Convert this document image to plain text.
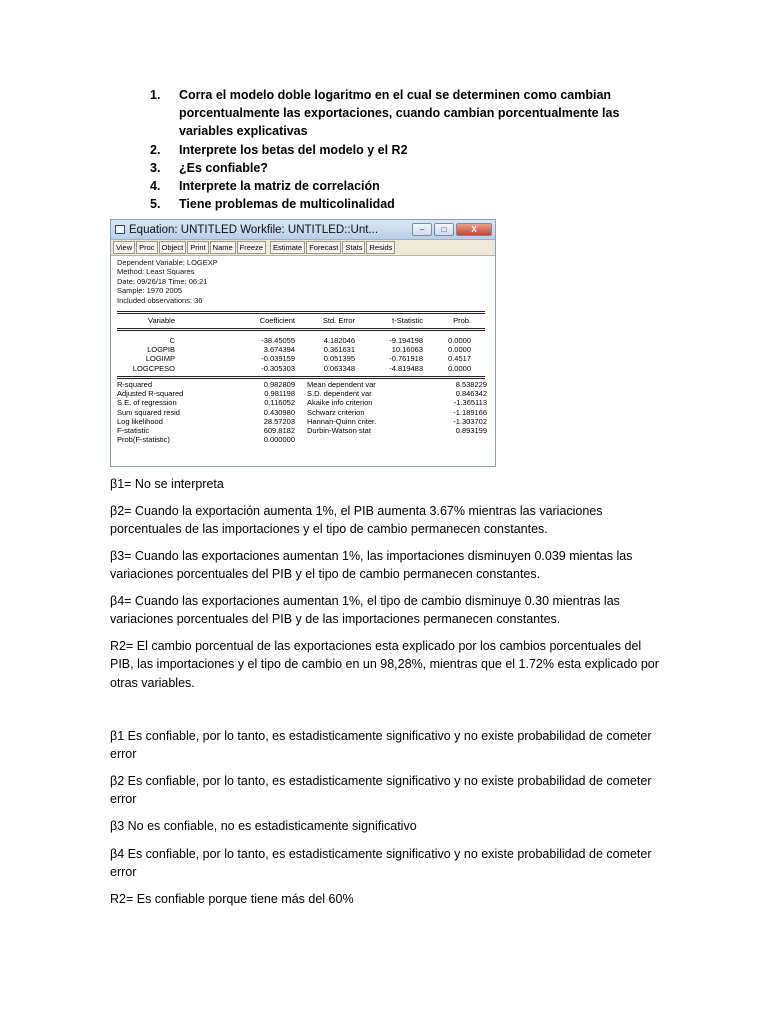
1.	Corra el modelo doble logaritmo en el cual se determinen como cambian porcentualmente las exportaciones, cuando cambian porcentualmente las variables explicativas
2.	Interprete los betas del modelo y el R2
3.	¿Es confiable?
4.	Interprete la matriz de correlación
5.	Tiene problemas de multicolinalidad
Equation: UNTITLED Workfile: UNTITLED::Unt...	–	□	X
View Proc Object Print Name Freeze	Estimate Forecast Stats Resids
Dependent Variable: LOGEXP
Method: Least Squares
Date: 09/26/18 Time: 06:21
Sample: 1970 2005
Included observations: 36
Variable	Coefficient	Std. Error	t-Statistic	Prob.
C	-38.45055	4.182046	-9.194198	0.0000
LOGPIB	3.674394	0.361631	10.16063	0.0000
LOGIMP	-0.039159	0.051395	-0.761918	0.4517
LOGCPESO	-0.305303	0.063348	-4.819483	0.0000
R-squared	0.982809	Mean dependent var	8.538229
Adjusted R-squared	0.981198	S.D. dependent var	0.846342
S.E. of regression	0.116052	Akaike info criterion	-1.365113
Sum squared resid	0.430980	Schwarz criterion	-1.189166
Log likelihood	28.57203	Hannan-Quinn criter.	-1.303702
F-statistic	609.8182	Durbin-Watson stat	0.893199
Prob(F-statistic)	0.000000

β1= No se interpreta

β2= Cuando la exportación aumenta 1%, el PIB aumenta 3.67% mientras las variaciones porcentuales de las importaciones y el tipo de cambio permanecen constantes.

β3= Cuando las exportaciones aumentan 1%, las importaciones disminuyen 0.039 mientas las variaciones porcentuales del PIB y el tipo de cambio permanecen constantes.

β4= Cuando las exportaciones aumentan 1%, el tipo de cambio disminuye 0.30 mientras las variaciones porcentuales del PIB y de las importaciones permanecen constantes.

R2= El cambio porcentual de las exportaciones esta explicado por los cambios porcentuales del PIB, las importaciones y el tipo de cambio en un 98,28%, mientras que el 1.72% esta explicado por otras variables.

β1 Es confiable, por lo tanto, es estadisticamente significativo y no existe probabilidad de cometer error

β2 Es confiable, por lo tanto, es estadisticamente significativo y no existe probabilidad de cometer error

β3 No es confiable, no es estadisticamente significativo

β4 Es confiable, por lo tanto, es estadisticamente significativo y no existe probabilidad de cometer error

R2= Es confiable porque tiene más del 60%
